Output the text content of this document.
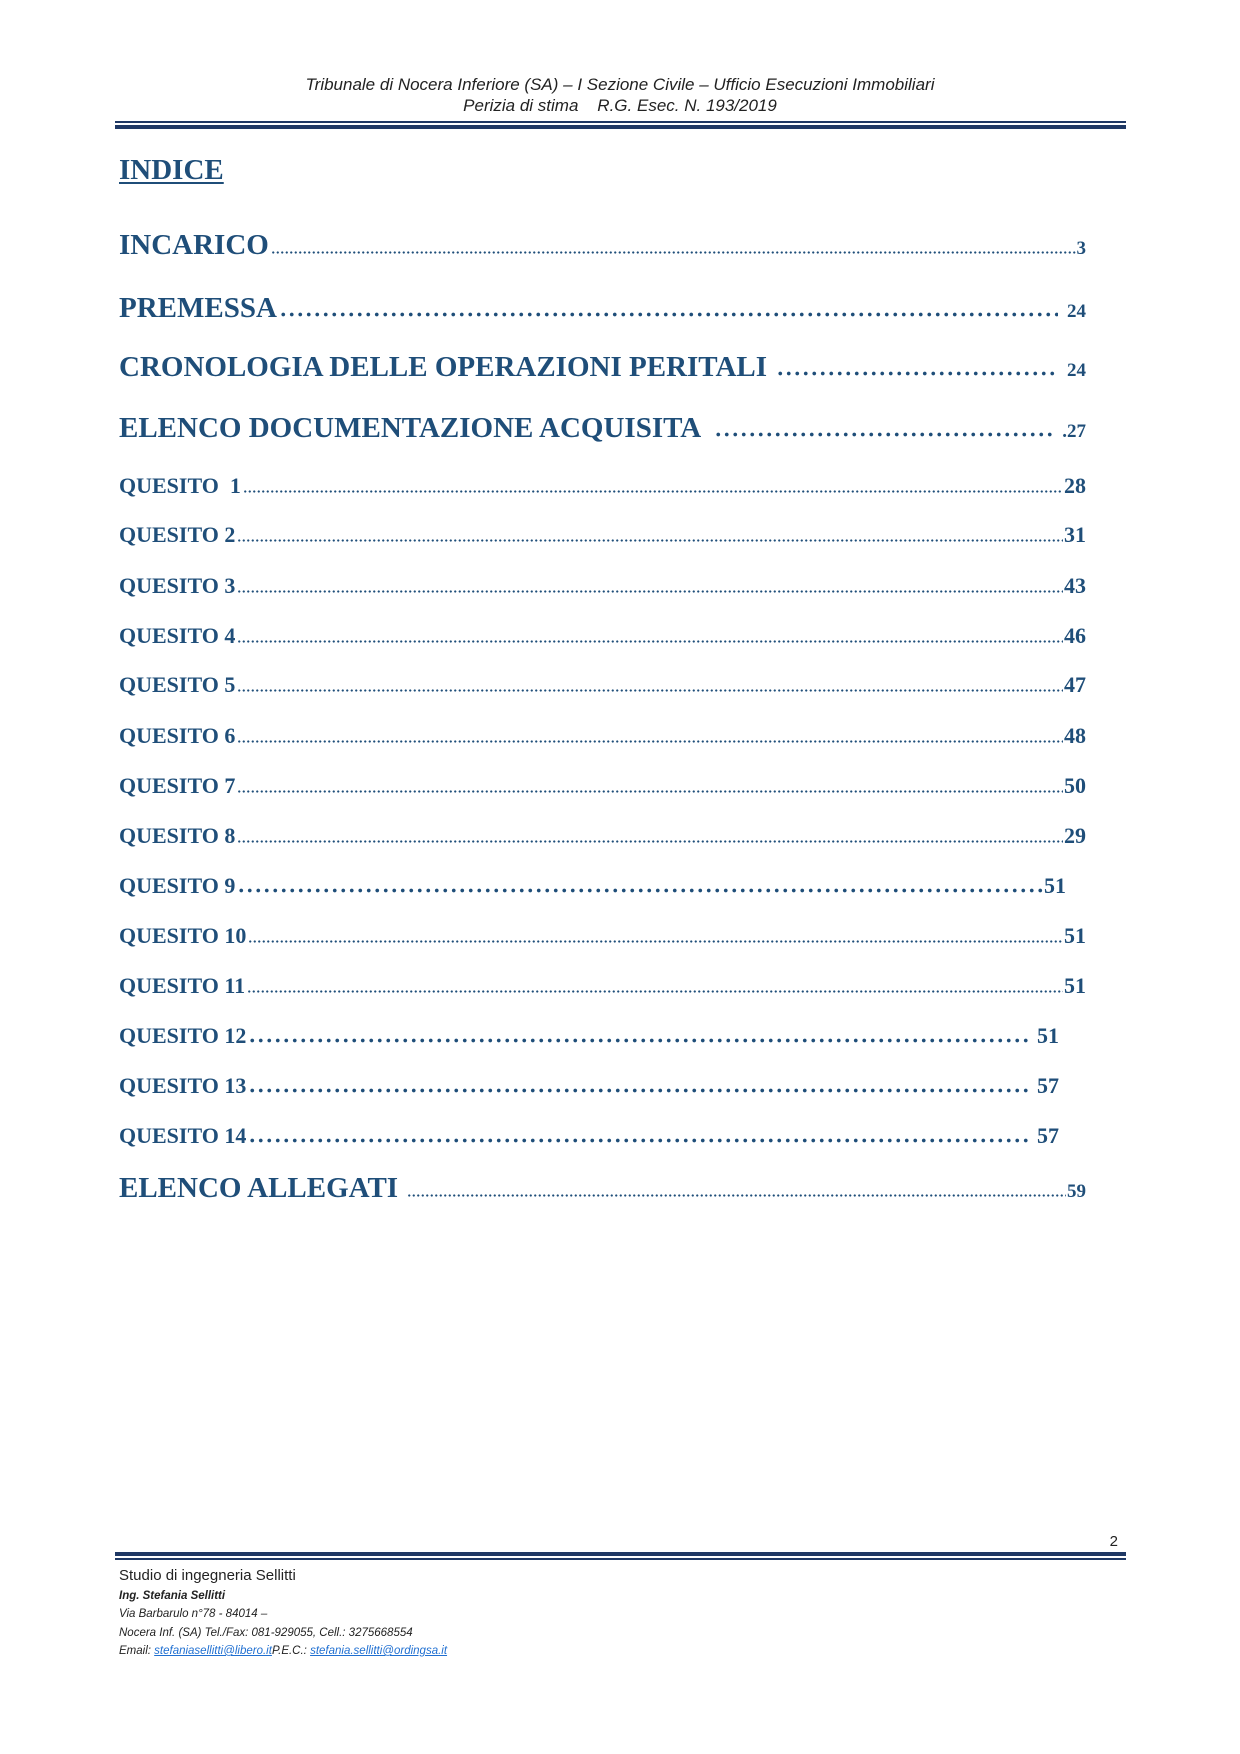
Tribunale di Nocera Inferiore (SA) – I Sezione Civile – Ufficio Esecuzioni Immobiliari
Perizia di stima    R.G. Esec. N. 193/2019
INDICE
INCARICO	3
PREMESSA	24
CRONOLOGIA DELLE OPERAZIONI PERITALI	24
ELENCO DOCUMENTAZIONE ACQUISITA	.27
QUESITO  1	28
QUESITO 2	31
QUESITO 3	43
QUESITO 4	46
QUESITO 5	47
QUESITO 6	48
QUESITO 7	50
QUESITO 8	29
QUESITO 9	51
QUESITO 10	51
QUESITO 11	51
QUESITO 12	51
QUESITO 13	57
QUESITO 14	57
ELENCO ALLEGATI	59
2
Studio di ingegneria Sellitti
Ing. Stefania Sellitti
Via Barbarulo n°78 - 84014 –
Nocera Inf. (SA) Tel./Fax: 081-929055, Cell.: 3275668554
Email: stefaniasellitti@libero.itP.E.C.: stefania.sellitti@ordingsa.it
